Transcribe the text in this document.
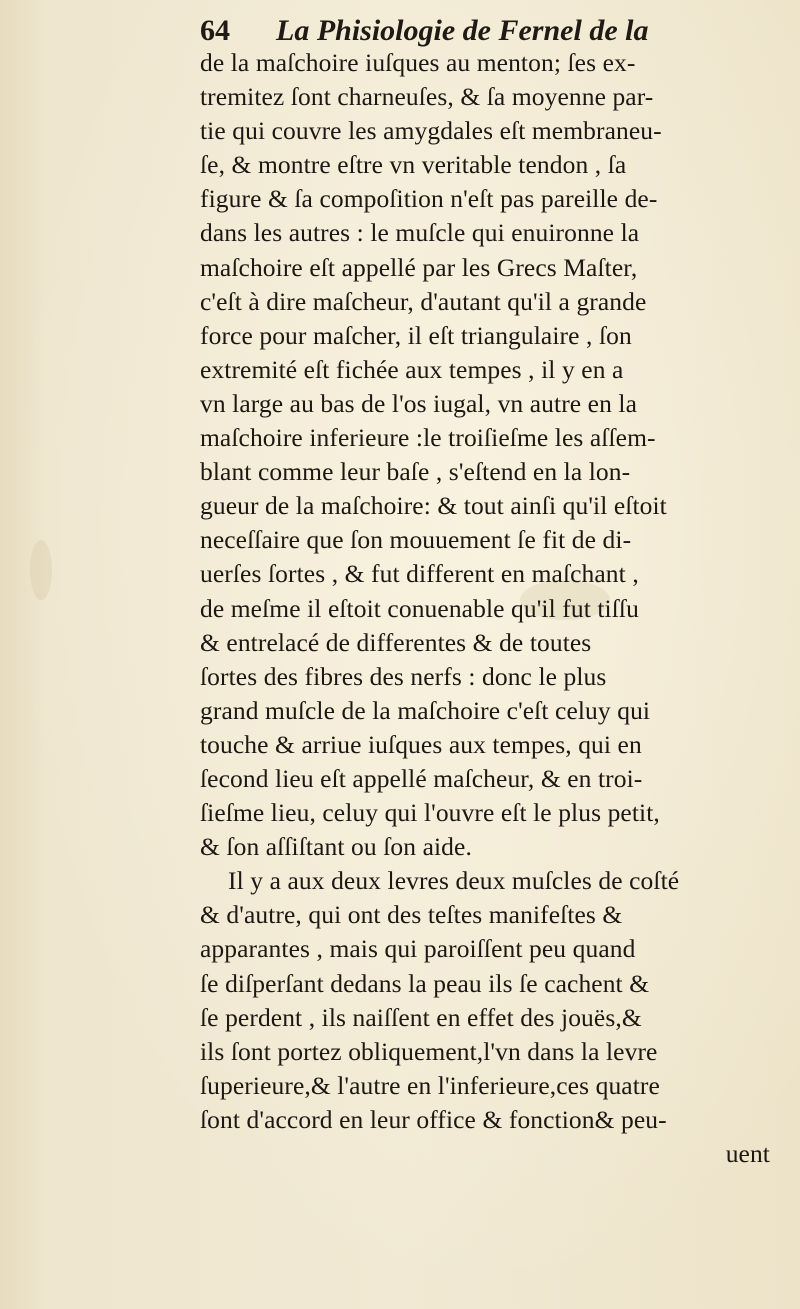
64 La Phisiologie de Fernel de la
de la maſchoire iuſques au menton; ſes ex-
tremitez ſont charneuſes, & ſa moyenne par-
tie qui couvre les amygdales eſt membraneu-
ſe, & montre eſtre vn veritable tendon , ſa
figure & ſa compoſition n'eſt pas pareille de-
dans les autres : le muſcle qui enuironne la
maſchoire eſt appellé par les Grecs Maſter,
c'eſt à dire maſcheur, d'autant qu'il a grande
force pour maſcher, il eſt triangulaire , ſon
extremité eſt fichée aux tempes , il y en a
vn large au bas de l'os iugal, vn autre en la
maſchoire inferieure :le troiſieſme les aſſem-
blant comme leur baſe , s'eſtend en la lon-
gueur de la maſchoire: & tout ainſi qu'il eſtoit
neceſſaire que ſon mouuement ſe fit de di-
uerſes ſortes , & fut different en maſchant ,
de meſme il eſtoit conuenable qu'il fut tiſſu
& entrelacé de differentes & de toutes
ſortes des fibres des nerfs : donc le plus
grand muſcle de la maſchoire c'eſt celuy qui
touche & arriue iuſques aux tempes, qui en
ſecond lieu eſt appellé maſcheur, & en troi-
ſieſme lieu, celuy qui l'ouvre eſt le plus petit,
& ſon aſſiſtant ou ſon aide.
Il y a aux deux levres deux muſcles de coſté
& d'autre, qui ont des teſtes manifeſtes &
apparantes , mais qui paroiſſent peu quand
ſe diſperſant dedans la peau ils ſe cachent &
ſe perdent , ils naiſſent en effet des jouës,&
ils ſont portez obliquement,l'vn dans la levre
ſuperieure,& l'autre en l'inferieure,ces quatre
ſont d'accord en leur office & fonction& peu-
uent
